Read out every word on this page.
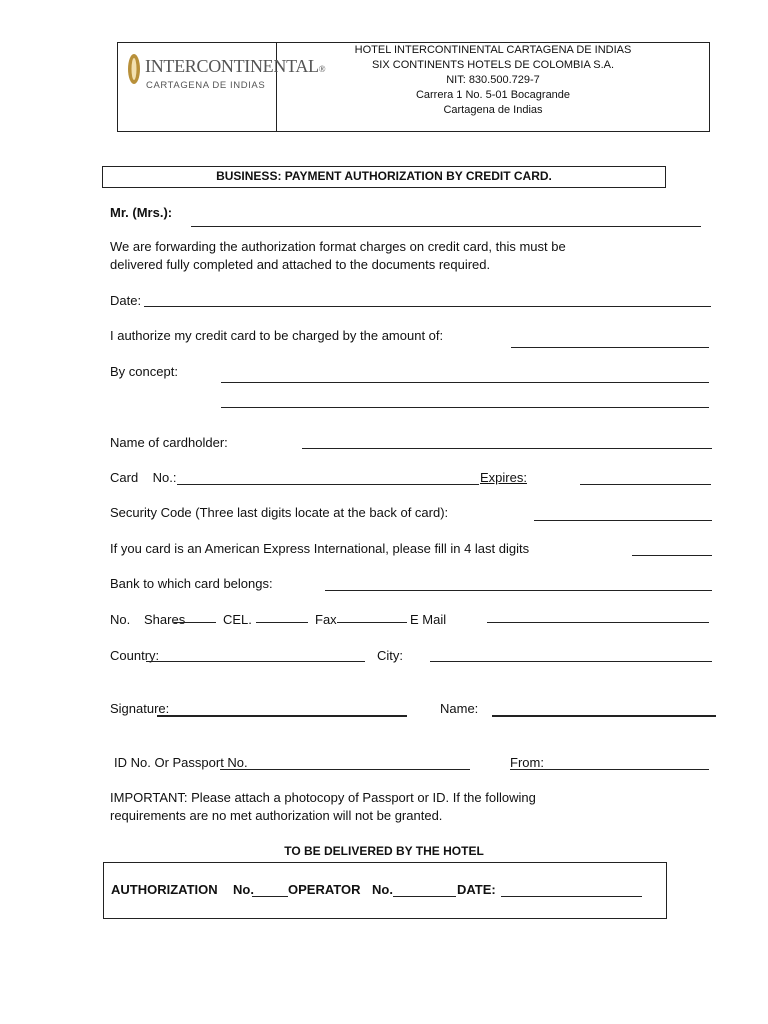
INTERCONTINENTAL®
CARTAGENA DE INDIAS
HOTEL INTERCONTINENTAL CARTAGENA DE INDIAS
SIX CONTINENTS HOTELS DE COLOMBIA S.A.
NIT: 830.500.729-7
Carrera 1 No. 5-01 Bocagrande
Cartagena de Indias
BUSINESS: PAYMENT AUTHORIZATION BY CREDIT CARD.
Mr. (Mrs.):
We are forwarding the authorization format charges on credit card, this must be
delivered fully completed and attached to the documents required.
Date:
I authorize my credit card to be charged by the amount of:
By concept:
Name of cardholder:
Card    No.:	Expires:
Security Code (Three last digits locate at the back of card):
If you card is an American Express International, please fill in 4 last digits
Bank to which card belongs:
No. Shares	CEL.	Fax	E Mail
Country:	City:
Signature:	Name:
ID No. Or Passport No.	From:
IMPORTANT: Please attach a photocopy of Passport or ID. If the following
requirements are no met authorization will not be granted.
TO BE DELIVERED BY THE HOTEL
AUTHORIZATION No.	OPERATOR No.	DATE:
